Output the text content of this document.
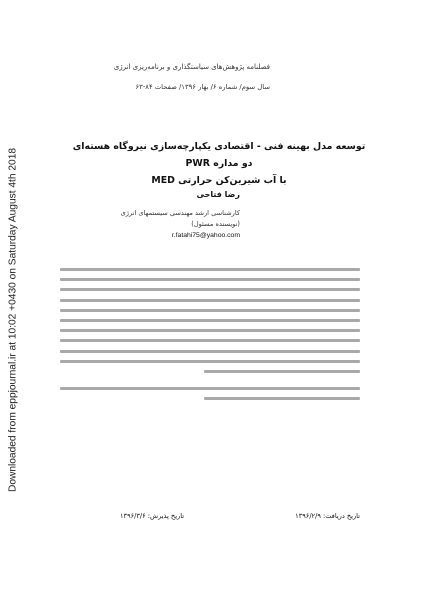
Downloaded from eppjournal.ir at 10:02 +0430 on Saturday August 4th 2018
فصلنامه پژوهش‌های سیاستگذاری و برنامه‌ریزی انرژی
سال سوم/ شماره ۶/ بهار ۱۳۹۶/ صفحات ۸۴-۶۳
توسعه مدل بهینه فنی - اقتصادی یکپارچه‌سازی نیروگاه هسته‌ای دو مداره PWR
با آب شیرین‌کن حرارتی MED
رضا فتاحی
کارشناسی ارشد مهندسی سیستمهای انرژی
(نویسنده مسئول)
r.fatahi75@yahoo.com
تاریخ دریافت: ۱۳۹۶/۲/۹
تاریخ پذیرش: ۱۳۹۶/۳/۶
